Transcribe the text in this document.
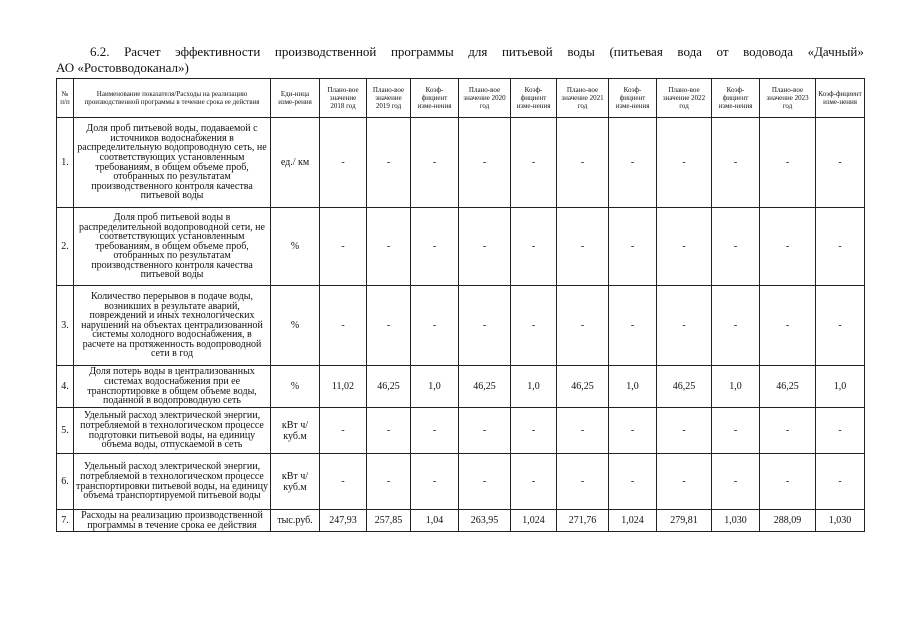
6.2. Расчет эффективности производственной программы для питьевой воды (питьевая вода от водовода «Дачный»
АО «Ростовводоканал»)
№ п/п	Наименование показателя/Расходы на реализацию производственной программы в течение срока ее действия	Еди-ница изме-рения	Плано-вое значение 2018 год	Плано-вое значение 2019 год	Коэф-фициент изме-нения	Плано-вое значение 2020 год	Коэф-фициент изме-нения	Плано-вое значение 2021 год	Коэф-фициент изме-нения	Плано-вое значение 2022 год	Коэф-фициент изме-нения	Плано-вое значение 2023 год	Коэф-фициент изме-нения
1.	Доля проб питьевой воды, подаваемой с источников водоснабжения в распределительную водопроводную сеть, не соответствующих установленным требованиям, в общем объеме проб, отобранных по результатам производственного контроля качества питьевой воды	ед./ км	-	-	-	-	-	-	-	-	-	-	-
2.	Доля проб питьевой воды в распределительной водопроводной сети, не соответствующих установленным требованиям, в общем объеме проб, отобранных по результатам производственного контроля качества питьевой воды	%	-	-	-	-	-	-	-	-	-	-	-
3.	Количество перерывов в подаче воды, возникших в результате аварий, повреждений и иных технологических нарушений на объектах централизованной системы холодного водоснабжения, в расчете на протяженность водопроводной сети в год	%	-	-	-	-	-	-	-	-	-	-	-
4.	Доля потерь воды в централизованных системах водоснабжения при ее транспортировке в общем объеме воды, поданной в водопроводную сеть	%	11,02	46,25	1,0	46,25	1,0	46,25	1,0	46,25	1,0	46,25	1,0
5.	Удельный расход электрической энергии, потребляемой в технологическом процессе подготовки питьевой воды, на единицу объема воды, отпускаемой в сеть	кВт ч/куб.м	-	-	-	-	-	-	-	-	-	-	-
6.	Удельный расход электрической энергии, потребляемой в технологическом процессе транспортировки питьевой воды, на единицу объема транспортируемой питьевой воды	кВт ч/куб.м	-	-	-	-	-	-	-	-	-	-	-
7.	Расходы на реализацию производственной программы в течение срока ее действия	тыс.руб.	247,93	257,85	1,04	263,95	1,024	271,76	1,024	279,81	1,030	288,09	1,030
